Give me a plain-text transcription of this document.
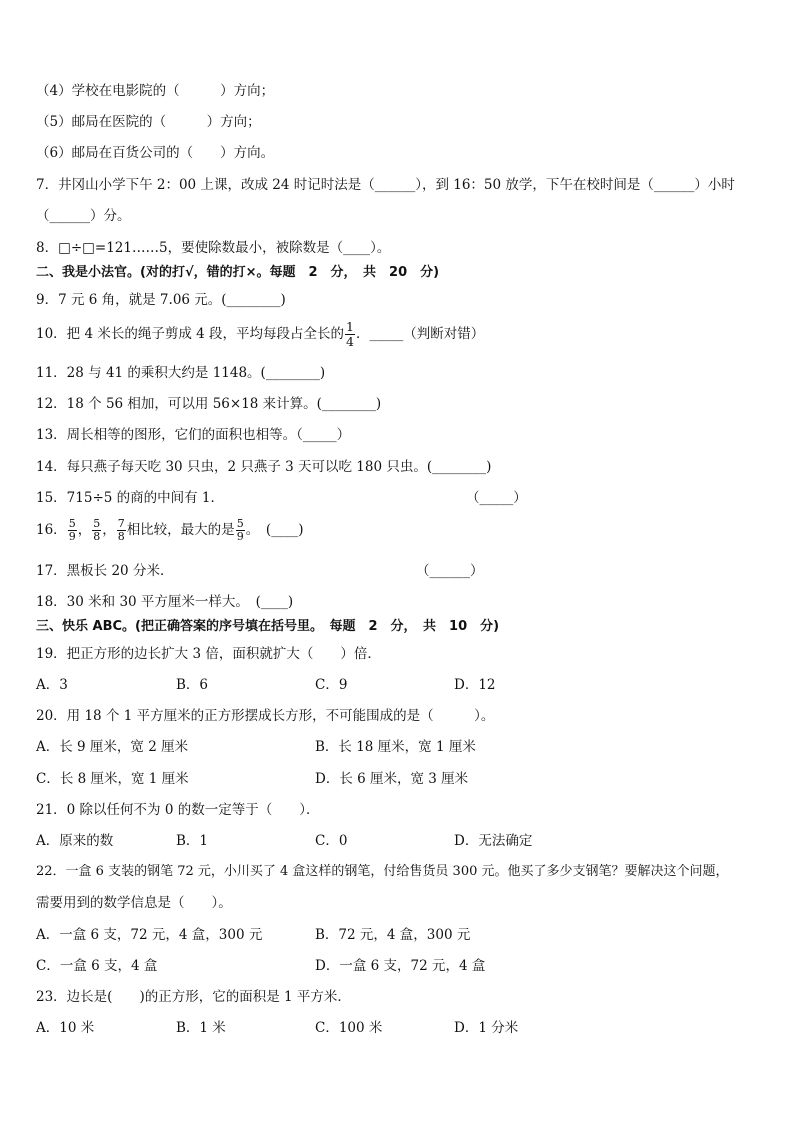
（4）学校在电影院的（　　　）方向；
（5）邮局在医院的（　　　）方向；
（6）邮局在百货公司的（　　）方向。
7．井冈山小学下午 2：00 上课，改成 24 时记时法是（______），到 16：50 放学，下午在校时间是（______）小时
（______）分。
8．□÷□=121……5，要使除数最小，被除数是（____）。
二、我是小法官。(对的打√，错的打×。每题　2　分，　共　20　分)
9．7 元 6 角，就是 7.06 元。(________)
10．把 4 米长的绳子剪成 4 段，平均每段占全长的 $\frac{1}{4}$ ．_____（判断对错）
11．28 与 41 的乘积大约是 1148。(________)
12．18 个 56 相加，可以用 56×18 来计算。(________)
13．周长相等的图形，它们的面积也相等。（_____）
14．每只燕子每天吃 30 只虫，2 只燕子 3 天可以吃 180 只虫。(________)
15．715÷5 的商的中间有 1．	（_____）
16． $\frac{5}{9}$ ， $\frac{5}{8}$ ， $\frac{7}{8}$ 相比较，最大的是 $\frac{5}{9}$ 。　(____)
17．黑板长 20 分米．	（______）
18．30 米和 30 平方厘米一样大。　(____)
三、快乐 ABC。(把正确答案的序号填在括号里。　每题　2　分，　共　10　分)
19．把正方形的边长扩大 3 倍，面积就扩大（　　）倍．
A．3	B．6	C．9	D．12
20．用 18 个 1 平方厘米的正方形摆成长方形，不可能围成的是（　　　）。
A．长 9 厘米，宽 2 厘米	B．长 18 厘米，宽 1 厘米
C．长 8 厘米，宽 1 厘米	D．长 6 厘米，宽 3 厘米
21．0 除以任何不为 0 的数一定等于（　　）．
A．原来的数	B．1	C．0	D．无法确定
22．一盒 6 支装的钢笔 72 元，小川买了 4 盒这样的钢笔，付给售货员 300 元。他买了多少支钢笔？要解决这个问题，
需要用到的数学信息是（　　）。
A．一盒 6 支，72 元，4 盒，300 元	B．72 元，4 盒，300 元
C．一盒 6 支，4 盒	D．一盒 6 支，72 元，4 盒
23．边长是(　　)的正方形，它的面积是 1 平方米．
A．10 米	B．1 米	C．100 米	D．1 分米
